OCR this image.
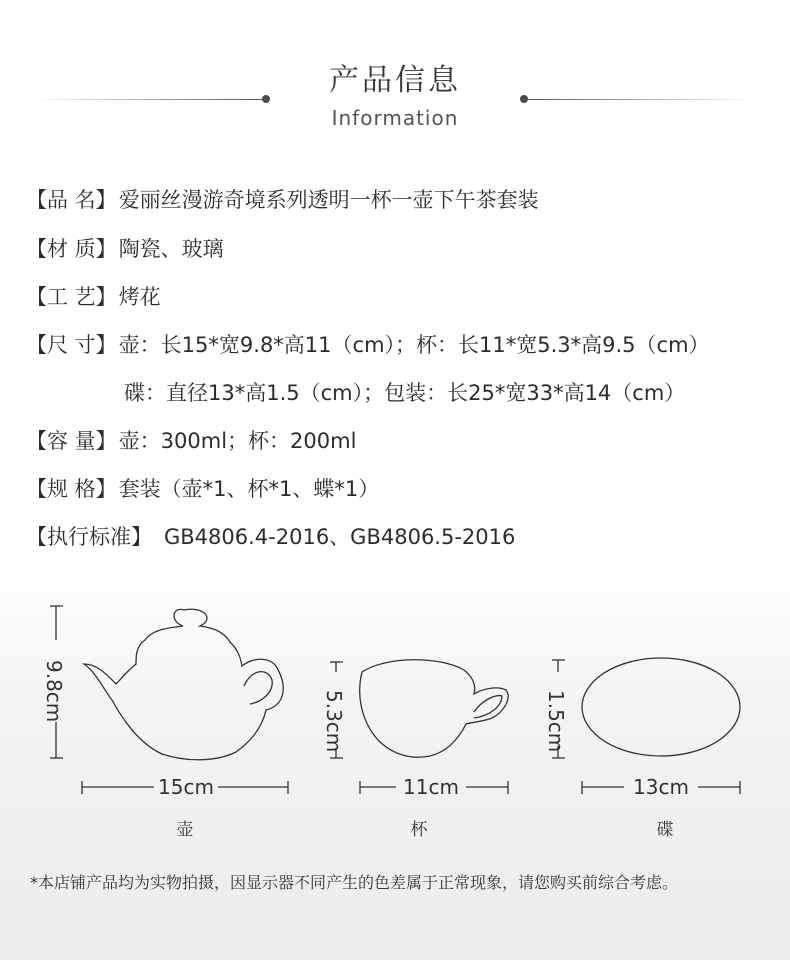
产品信息
Information
【品 名】爱丽丝漫游奇境系列透明一杯一壶下午茶套装
【材 质】陶瓷、玻璃
【工 艺】烤花
【尺 寸】壶：长15*宽9.8*高11（cm）；杯：长11*宽5.3*高9.5（cm）
碟：直径13*高1.5（cm）；包装：长25*宽33*高14（cm）
【容 量】壶：300ml；杯：200ml
【规 格】套装（壶*1、杯*1、蝶*1）
【执行标准】 GB4806.4-2016、GB4806.5-2016
9.8cm	5.3cm	1.5cm
15cm	11cm	13cm
壶	杯	碟
*本店铺产品均为实物拍摄，因显示器不同产生的色差属于正常现象，请您购买前综合考虑。
